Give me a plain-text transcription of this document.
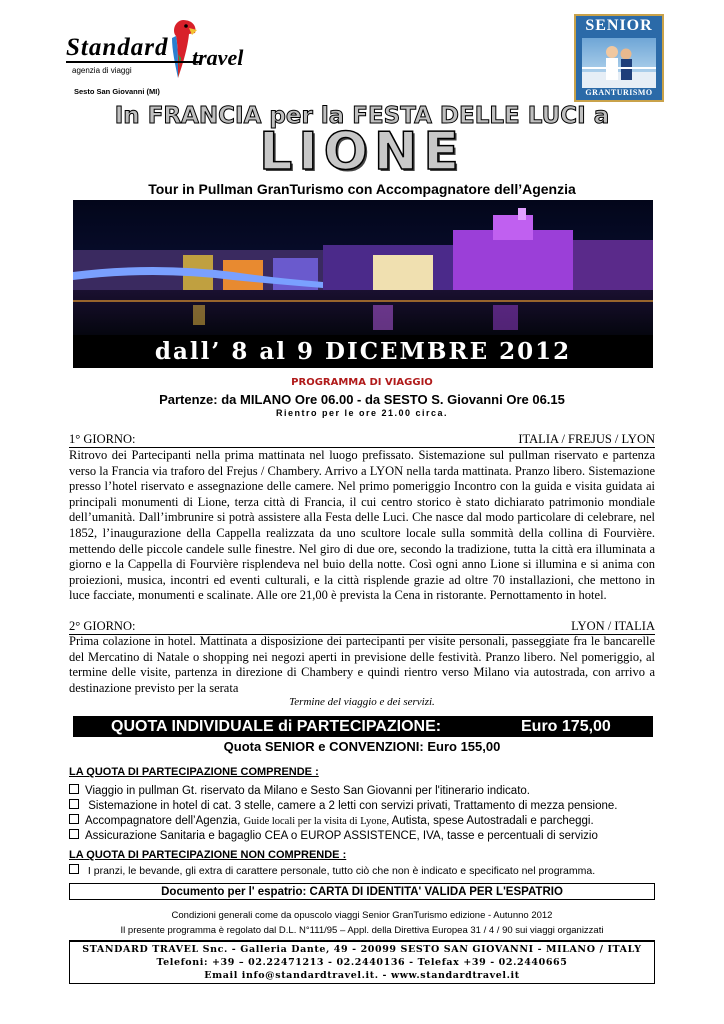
Standard travel
agenzia di viaggi
Sesto San Giovanni (MI)
SENIOR
GRANTURISMO
In FRANCIA per la FESTA DELLE LUCI a
LIONE
Tour in Pullman GranTurismo con Accompagnatore dell’Agenzia
dall’ 8 al 9 DICEMBRE 2012
PROGRAMMA DI VIAGGIO
Partenze: da MILANO Ore 06.00 - da SESTO S. Giovanni Ore 06.15
Rientro per le ore 21.00 circa.
1° GIORNO:	ITALIA / FREJUS / LYON

Ritrovo dei Partecipanti nella prima mattinata nel luogo prefissato. Sistemazione sul pullman riservato e partenza verso la Francia via traforo del Frejus / Chambery. Arrivo a LYON nella tarda mattinata. Pranzo libero. Sistemazione presso l’hotel riservato e assegnazione delle camere. Nel primo pomeriggio Incontro con la guida e visita guidata ai principali monumenti di Lione, terza città di Francia, il cui centro storico è stato dichiarato patrimonio mondiale dell’umanità. Dall’imbrunire si potrà assistere alla Festa delle Luci. Che nasce dal modo particolare di celebrare, nel 1852, l’inaugurazione della Cappella realizzata da uno scultore locale sulla sommità della collina di Fourvière. mettendo delle piccole candele sulle finestre. Nel giro di due ore, secondo la tradizione, tutta la città era illuminata a giorno e la Cappella di Fourvière risplendeva nel buio della notte. Così ogni anno Lione si illumina e si anima con proiezioni, musica, incontri ed eventi culturali, e la città risplende grazie ad oltre 70 installazioni, che mettono in luce facciate, monumenti e scalinate. Alle ore 21,00 è prevista la Cena in ristorante. Pernottamento in hotel.

2° GIORNO:	LYON / ITALIA

Prima colazione in hotel. Mattinata a disposizione dei partecipanti per visite personali, passeggiate fra le bancarelle del Mercatino di Natale o shopping nei negozi aperti in previsione delle festività. Pranzo libero. Nel pomeriggio, al termine delle visite, partenza in direzione di Chambery e quindi rientro verso Milano via autostrada, con arrivo a destinazione previsto per la serata

Termine del viaggio e dei servizi.
QUOTA INDIVIDUALE di PARTECIPAZIONE:	Euro 175,00
Quota SENIOR e CONVENZIONI: Euro 155,00
LA QUOTA DI PARTECIPAZIONE COMPRENDE :
Viaggio in pullman Gt. riservato da Milano e Sesto San Giovanni per l'itinerario indicato.
Sistemazione in hotel di cat. 3 stelle, camere a 2 letti con servizi privati, Trattamento di mezza pensione.
Accompagnatore dell’Agenzia, Guide locali per la visita di Lyone, Autista, spese Autostradali e parcheggi.
Assicurazione Sanitaria e bagaglio CEA o EUROP ASSISTENCE, IVA, tasse e percentuali di servizio
LA QUOTA DI PARTECIPAZIONE NON COMPRENDE :
I pranzi, le bevande, gli extra di carattere personale, tutto ciò che non è indicato e specificato nel programma.
Documento per l' espatrio: CARTA DI IDENTITA' VALIDA PER L'ESPATRIO
Condizioni generali come da opuscolo viaggi Senior GranTurismo edizione - Autunno 2012
Il presente programma è regolato dal D.L. N°111/95 – Appl. della Direttiva Europea 31 / 4 / 90 sui viaggi organizzati
STANDARD TRAVEL Snc. - Galleria Dante, 49 - 20099 SESTO SAN GIOVANNI - MILANO / ITALY
Telefoni: +39 – 02.22471213 - 02.2440136 - Telefax +39 - 02.2440665
Email info@standardtravel.it. - www.standardtravel.it
